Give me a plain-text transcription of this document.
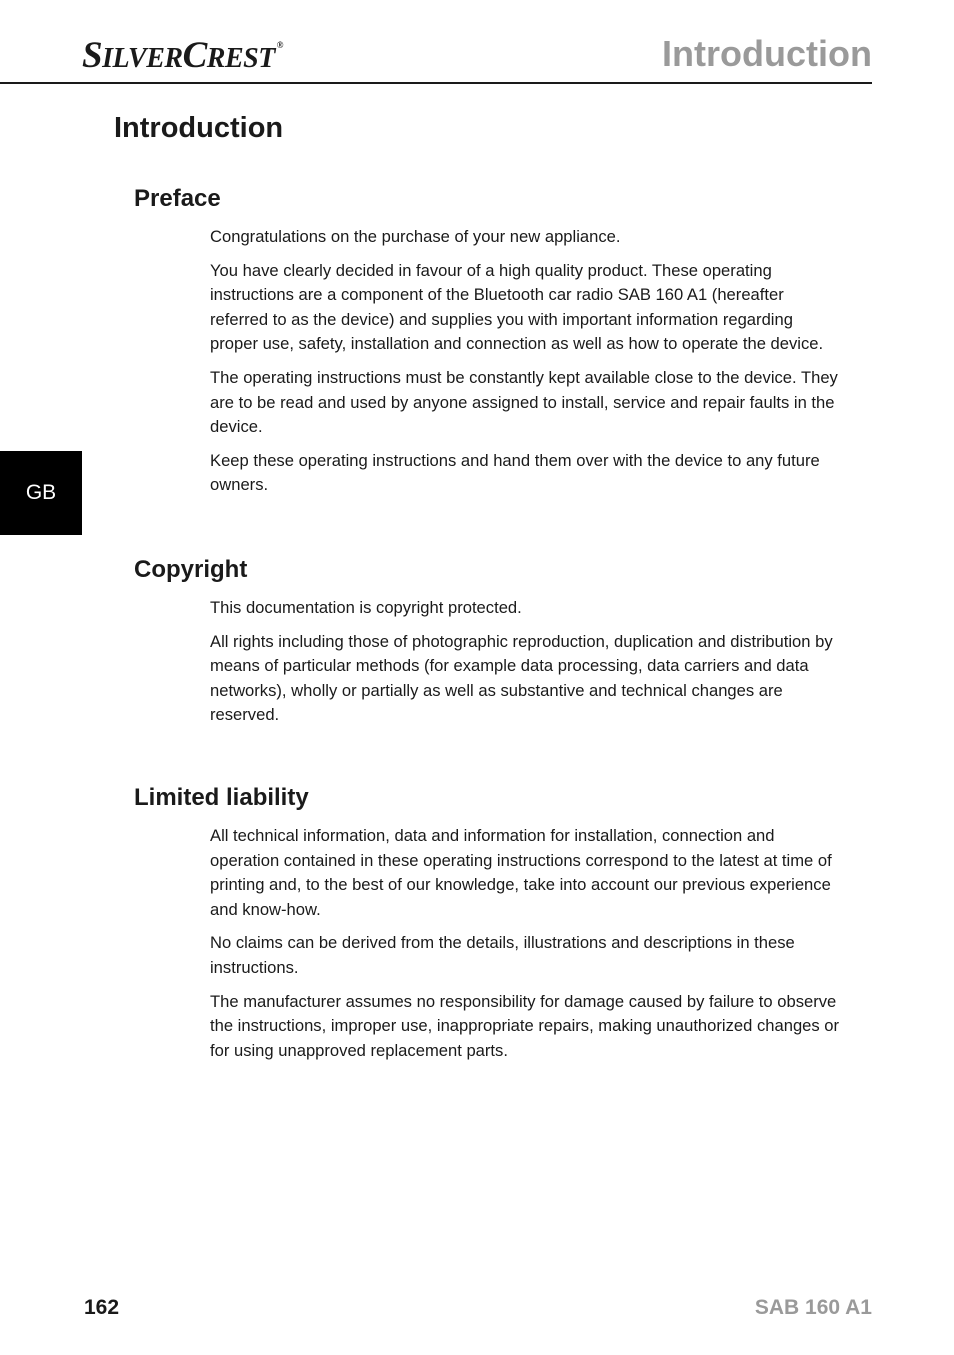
SILVERCREST ®	Introduction
Introduction
GB
Preface

Congratulations on the purchase of your new appliance.

You have clearly decided in favour of a high quality product. These operating instructions are a component of the Bluetooth car radio SAB 160 A1 (hereafter referred to as the device) and supplies you with important information regarding proper use, safety, installation and connection as well as how to operate the device.

The operating instructions must be constantly kept available close to the device. They are to be read and used by anyone assigned to install, service and repair faults in the device.

Keep these operating instructions and hand them over with the device to any future owners.

Copyright

This documentation is copyright protected.

All rights including those of photographic reproduction, duplication and distribution by means of particular methods (for example data processing, data carriers and data networks), wholly or partially as well as substantive and technical changes are reserved.

Limited liability

All technical information, data and information for installation, connection and operation contained in these operating instructions correspond to the latest at time of printing and, to the best of our knowledge, take into account our previous experience and know-how.

No claims can be derived from the details, illustrations and descriptions in these instructions.

The manufacturer assumes no responsibility for damage caused by failure to observe the instructions, improper use, inappropriate repairs, making unauthorized changes or for using unapproved replacement parts.

162	SAB 160 A1
